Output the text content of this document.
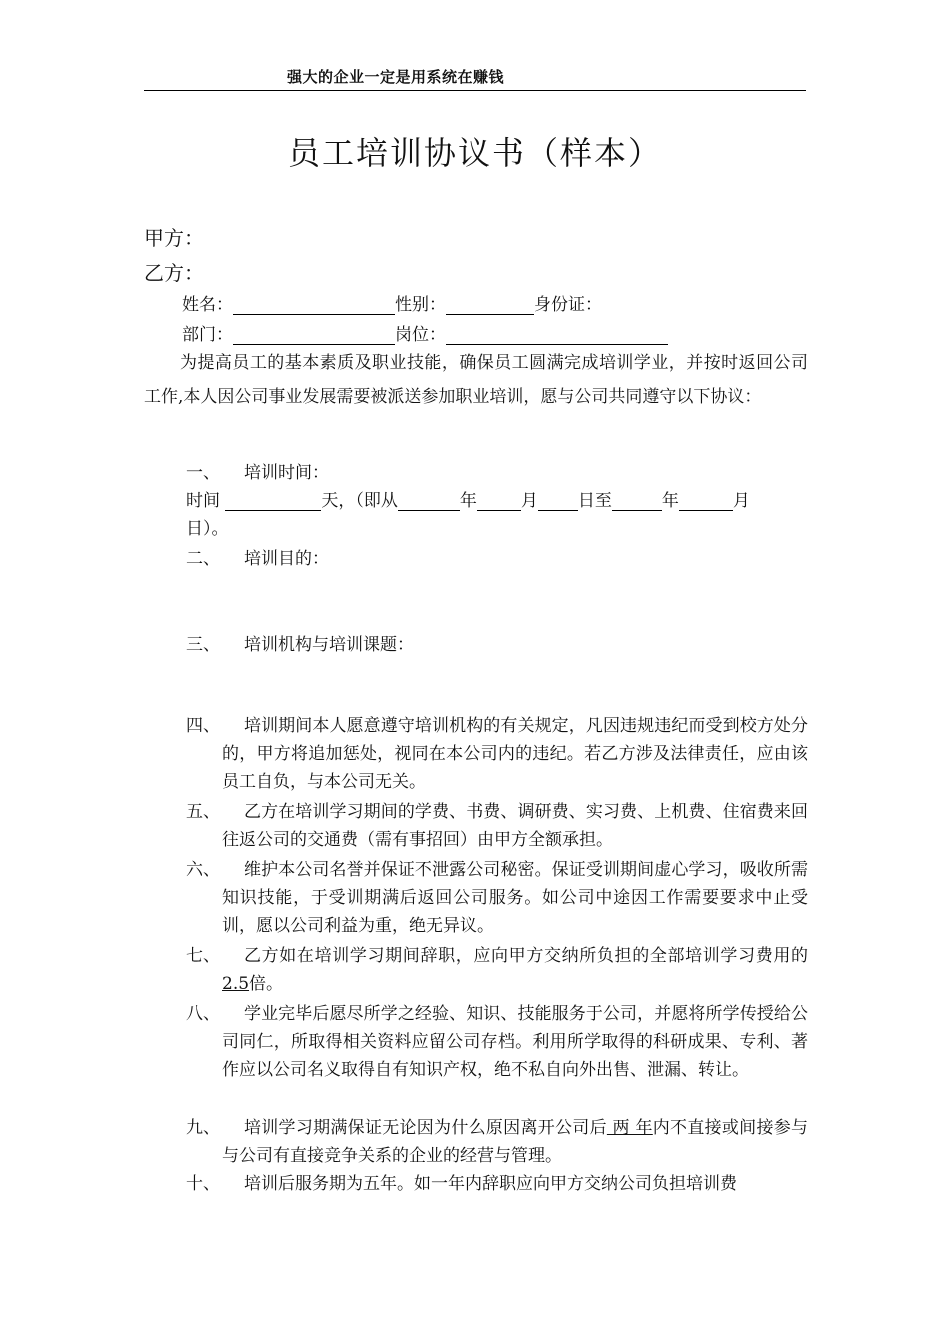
强大的企业一定是用系统在赚钱
员工培训协议书（样本）
甲方：
乙方：
姓名：	性别：	身份证：
部门：	岗位：
为提高员工的基本素质及职业技能，确保员工圆满完成培训学业，并按时返回公司工作,本人因公司事业发展需要被派送参加职业培训，愿与公司共同遵守以下协议：
一、 培训时间：
时间	天，（即从	年	月 日至	年	月
日）。
二、 培训目的：
三、 培训机构与培训课题：
四、	培训期间本人愿意遵守培训机构的有关规定，凡因违规违纪而受到校方处分的，甲方将追加惩处，视同在本公司内的违纪。若乙方涉及法律责任，应由该员工自负，与本公司无关。
五、	乙方在培训学习期间的学费、书费、调研费、实习费、上机费、住宿费来回往返公司的交通费（需有事招回）由甲方全额承担。
六、	维护本公司名誉并保证不泄露公司秘密。保证受训期间虚心学习，吸收所需知识技能，于受训期满后返回公司服务。如公司中途因工作需要要求中止受训，愿以公司利益为重，绝无异议。
七、	乙方如在培训学习期间辞职，应向甲方交纳所负担的全部培训学习费用的2.5倍。
八、	学业完毕后愿尽所学之经验、知识、技能服务于公司，并愿将所学传授给公司同仁，所取得相关资料应留公司存档。利用所学取得的科研成果、专利、著作应以公司名义取得自有知识产权，绝不私自向外出售、泄漏、转让。
九、	培训学习期满保证无论因为什么原因离开公司后 两 年内不直接或间接参与与公司有直接竞争关系的企业的经营与管理。
十、	培训后服务期为五年。如一年内辞职应向甲方交纳公司负担培训费
